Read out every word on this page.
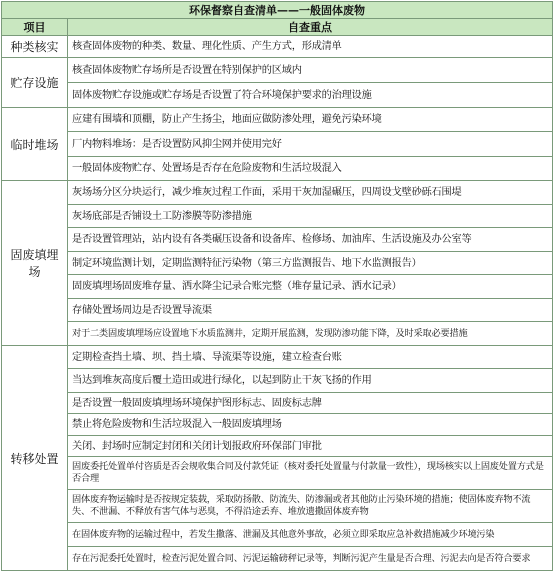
环保督察自查清单——一般固体废物	
项目	自查重点
种类核实	核查固体废物的种类、数量、理化性质、产生方式，形成清单
贮存设施	核查固体废物贮存场所是否设置在特别保护的区域内
	固体废物贮存设施或贮存场是否设置了符合环境保护要求的治理设施
临时堆场	应建有围墙和顶棚，防止产生扬尘，地面应做防渗处理，避免污染环境
	厂内物料堆场：是否设置防风抑尘网并使用完好
	一般固体废物贮存、处置场是否存在危险废物和生活垃圾混入
固废填埋场	灰场场分区分块运行，减少堆灰过程工作面，采用干灰加湿碾压，四周设戈壁砂砾石围堤
	灰场底部是否铺设土工防渗膜等防渗措施
	是否设置管理站，站内设有各类碾压设备和设备库、检修场、加油库、生活设施及办公室等
	制定环境监测计划，定期监测特征污染物（第三方监测报告、地下水监测报告）
	固废填埋场固废堆存量、洒水降尘记录合账完整（堆存量记录、洒水记录）
	存储处置场周边是否设置导流渠
	对于二类固废填埋场应设置地下水质监测井，定期开展监测，发现防渗功能下降，及时采取必要措施
转移处置	定期检查挡土墙、坝、挡土墙、导流渠等设施，建立检查台账
	当达到堆灰高度后覆土造田或进行绿化，以起到防止干灰飞扬的作用
	是否设置一般固废填埋场环境保护图形标志、固废标志牌
	禁止将危险废物和生活垃圾混入一般固废填埋场
	关闭、封场时应制定封闭和关闭计划报政府环保部门审批
	固废委托处置单付咨质是否会规收集合同及付款凭证（核对委托处置量与付款量一致性），现场核实以上固废处置方式是否合理
	固体废弃物运输时是否按规定装载，采取防扬散、防流失、防渗漏或者其他防止污染环境的措施；使固体废弃物不流失、不泄漏、不释放有害气体与恶臭，不得沿途丢弃、堆放遗撒固体废弃物
	在固体废弃物的运输过程中，若发生撒落、泄漏及其他意外事故，必须立即采取应急补救措施减少环境污染
	存在污泥委托处置时，检查污泥处置合同、污泥运输磅秤记录等，判断污泥产生量是否合理、污泥去向是否符合要求
